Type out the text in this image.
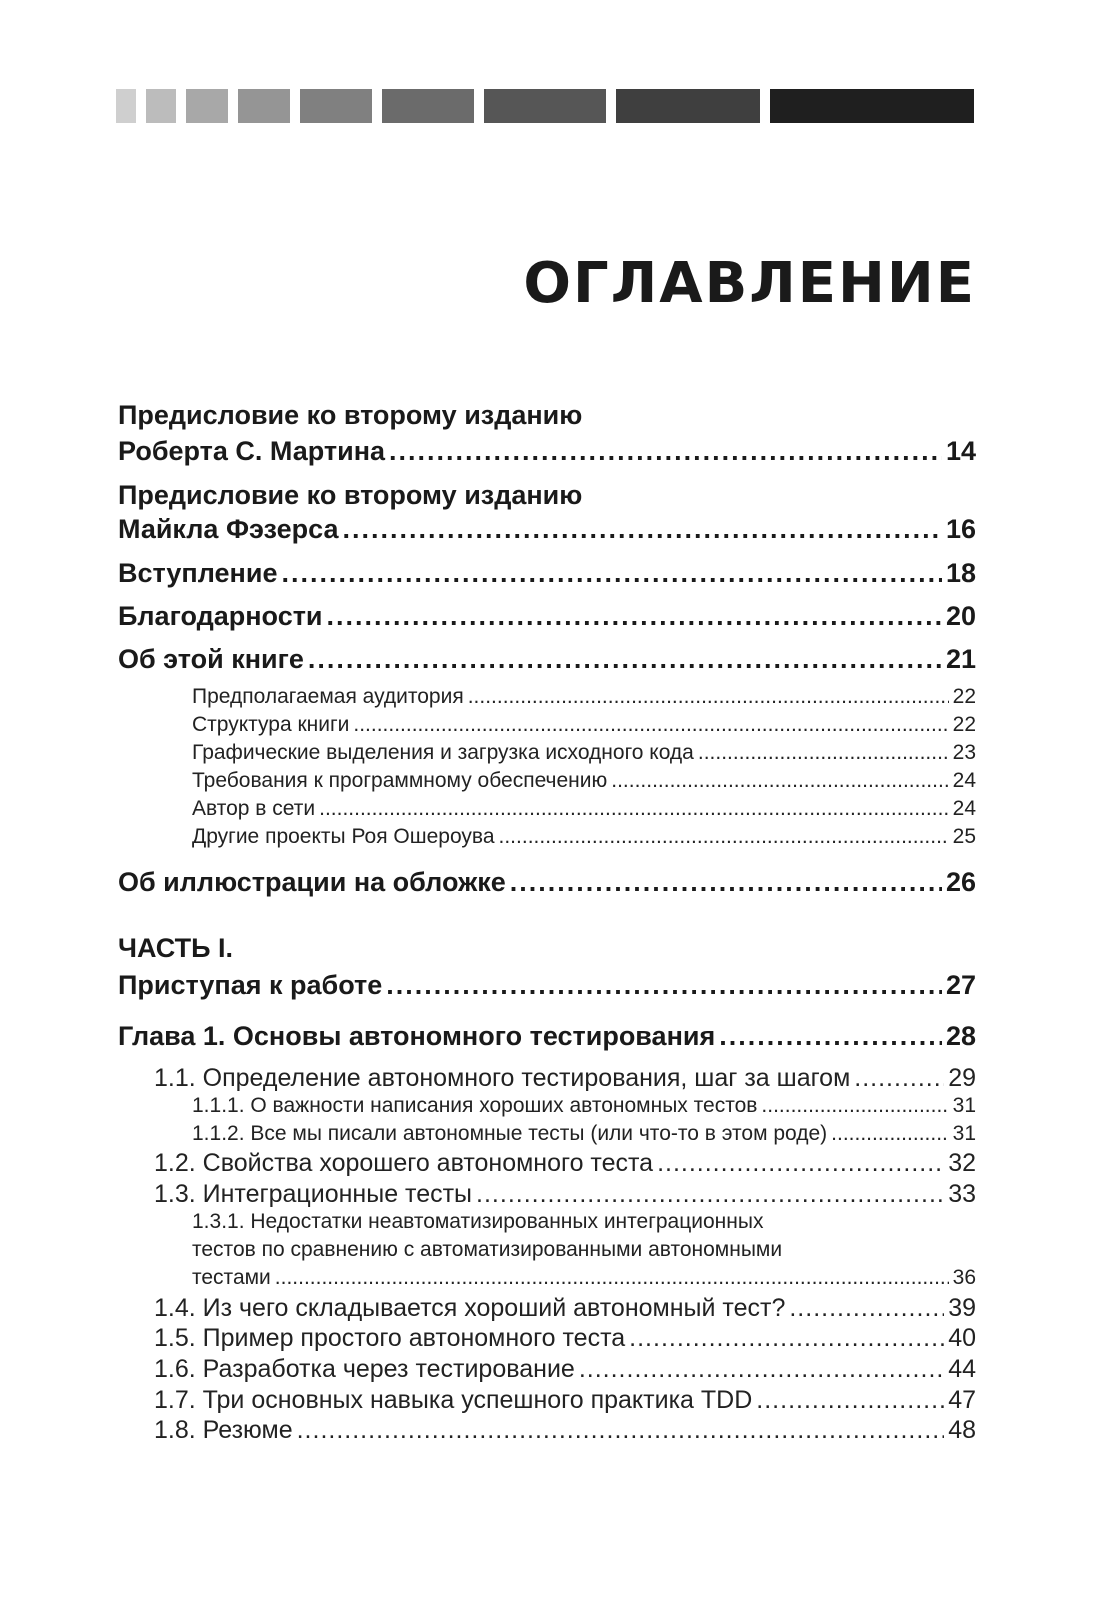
ОГЛАВЛЕНИЕ
Предисловие ко второму изданию
Роберта С. Мартина .....	14
Предисловие ко второму изданию
Майкла Фэзерса .....	16
Вступление .....	18
Благодарности .....	20
Об этой книге .....	21
Предполагаемая аудитория .....	22
Структура книги .....	22
Графические выделения и загрузка исходного кода .....	23
Требования к программному обеспечению .....	24
Автор в сети .....	24
Другие проекты Роя Ошероува .....	25
Об иллюстрации на обложке .....	26
ЧАСТЬ I.
Приступая к работе .....	27
Глава 1. Основы автономного тестирования .....	28
1.1. Определение автономного тестирования, шаг за шагом .....	29
1.1.1. О важности написания хороших автономных тестов .....	31
1.1.2. Все мы писали автономные тесты (или что-то в этом роде) .....	31
1.2. Свойства хорошего автономного теста .....	32
1.3. Интеграционные тесты .....	33
1.3.1. Недостатки неавтоматизированных интеграционных
тестов по сравнению с автоматизированными автономными
тестами .....	36
1.4. Из чего складывается хороший автономный тест? .....	39
1.5. Пример простого автономного теста .....	40
1.6. Разработка через тестирование .....	44
1.7. Три основных навыка успешного практика TDD .....	47
1.8. Резюме .....	48
